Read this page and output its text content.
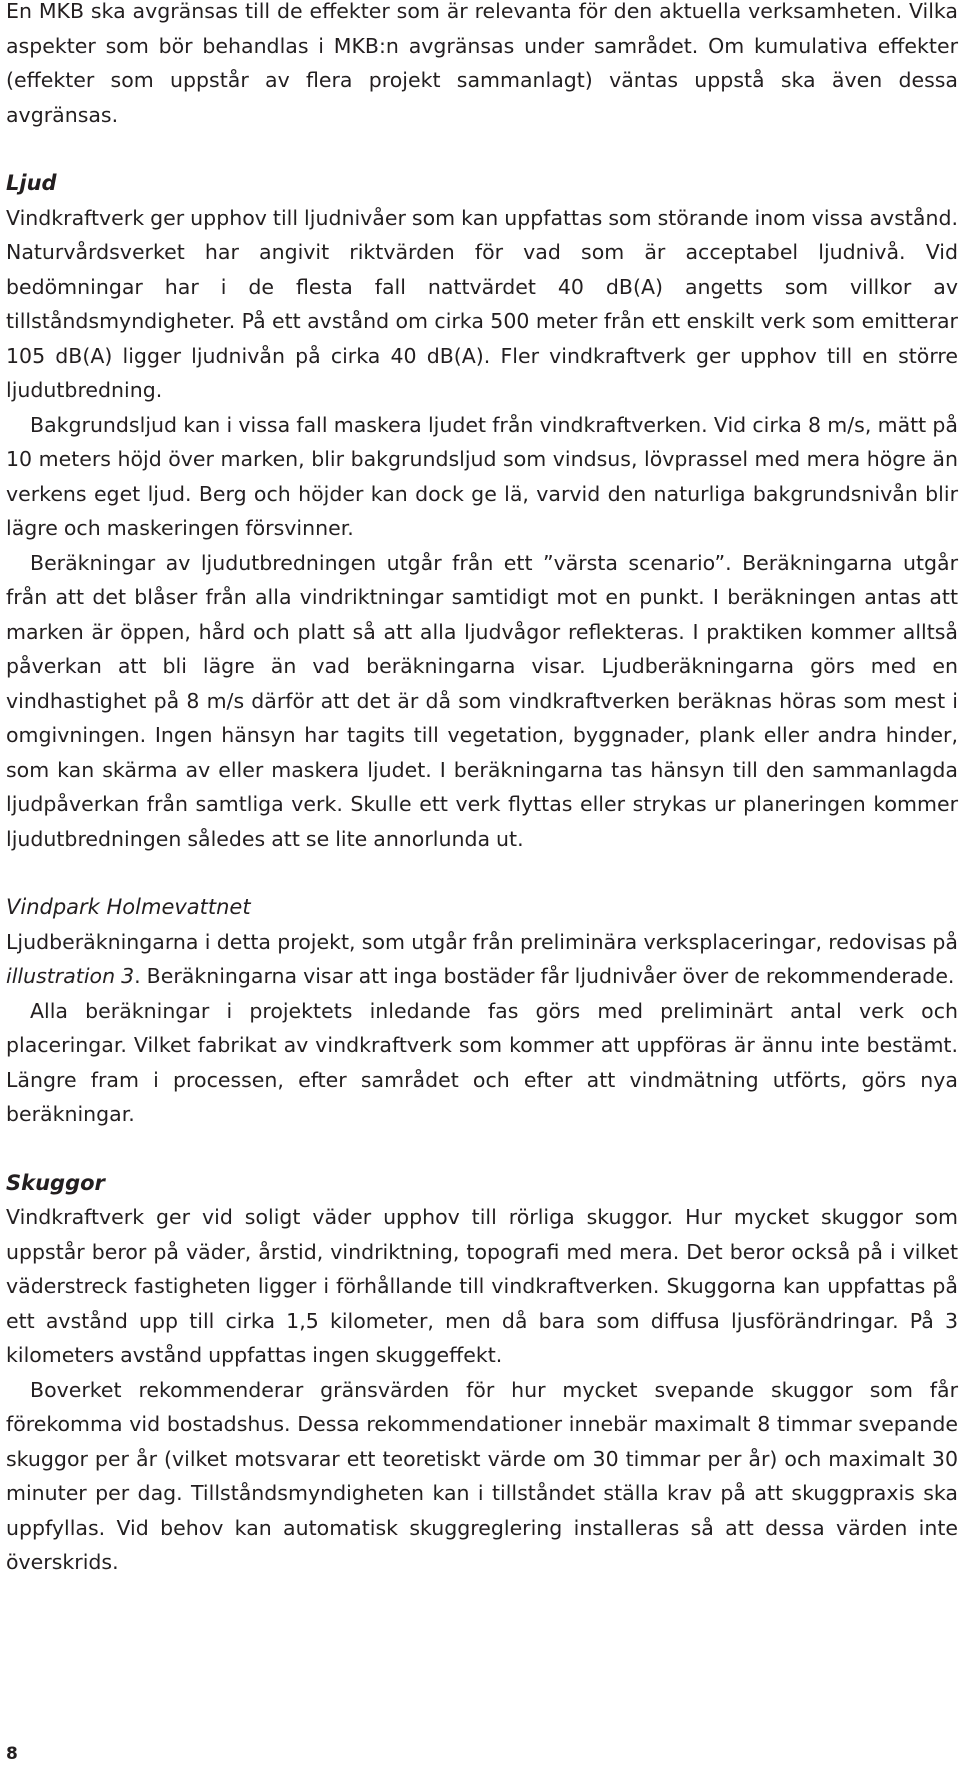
En MKB ska avgränsas till de effekter som är relevanta för den aktuella verksamheten. Vilka aspekter som bör behandlas i MKB:n avgränsas under samrådet. Om kumulativa effekter (effekter som uppstår av flera projekt sammanlagt) väntas uppstå ska även dessa avgränsas.

Ljud

Vindkraftverk ger upphov till ljudnivåer som kan uppfattas som störande inom vissa avstånd. Naturvårdsverket har angivit riktvärden för vad som är acceptabel ljudnivå. Vid bedömningar har i de flesta fall nattvärdet 40 dB(A) angetts som villkor av tillståndsmyndigheter. På ett avstånd om cirka 500 meter från ett enskilt verk som emitterar 105 dB(A) ligger ljudnivån på cirka 40 dB(A). Fler vindkraftverk ger upphov till en större ljudutbredning.

Bakgrundsljud kan i vissa fall maskera ljudet från vindkraftverken. Vid cirka 8 m/s, mätt på 10 meters höjd över marken, blir bakgrundsljud som vindsus, lövprassel med mera högre än verkens eget ljud. Berg och höjder kan dock ge lä, varvid den naturliga bakgrundsnivån blir lägre och maskeringen försvinner.

Beräkningar av ljudutbredningen utgår från ett ”värsta scenario”. Beräkningarna utgår från att det blåser från alla vindriktningar samtidigt mot en punkt. I beräkningen antas att marken är öppen, hård och platt så att alla ljudvågor reflekteras. I praktiken kommer alltså påverkan att bli lägre än vad beräkningarna visar. Ljudberäkningarna görs med en vindhastighet på 8 m/s därför att det är då som vindkraftverken beräknas höras som mest i omgivningen. Ingen hänsyn har tagits till vegetation, byggnader, plank eller andra hinder, som kan skärma av eller maskera ljudet. I beräkningarna tas hänsyn till den sammanlagda ljudpåverkan från samtliga verk. Skulle ett verk flyttas eller strykas ur planeringen kommer ljudutbredningen således att se lite annorlunda ut.

Vindpark Holmevattnet

Ljudberäkningarna i detta projekt, som utgår från preliminära verksplaceringar, redovisas på illustration 3. Beräkningarna visar att inga bostäder får ljudnivåer över de rekommenderade.

Alla beräkningar i projektets inledande fas görs med preliminärt antal verk och placeringar. Vilket fabrikat av vindkraftverk som kommer att uppföras är ännu inte bestämt. Längre fram i processen, efter samrådet och efter att vindmätning utförts, görs nya beräkningar.

Skuggor

Vindkraftverk ger vid soligt väder upphov till rörliga skuggor. Hur mycket skuggor som uppstår beror på väder, årstid, vindriktning, topografi med mera. Det beror också på i vilket väderstreck fastigheten ligger i förhållande till vindkraftverken. Skuggorna kan uppfattas på ett avstånd upp till cirka 1,5 kilometer, men då bara som diffusa ljusförändringar. På 3 kilometers avstånd uppfattas ingen skuggeffekt.

Boverket rekommenderar gränsvärden för hur mycket svepande skuggor som får förekomma vid bostadshus. Dessa rekommendationer innebär maximalt 8 timmar svepande skuggor per år (vilket motsvarar ett teoretiskt värde om 30 timmar per år) och maximalt 30 minuter per dag. Tillståndsmyndigheten kan i tillståndet ställa krav på att skuggpraxis ska uppfyllas. Vid behov kan automatisk skuggreglering installeras så att dessa värden inte överskrids.

8
